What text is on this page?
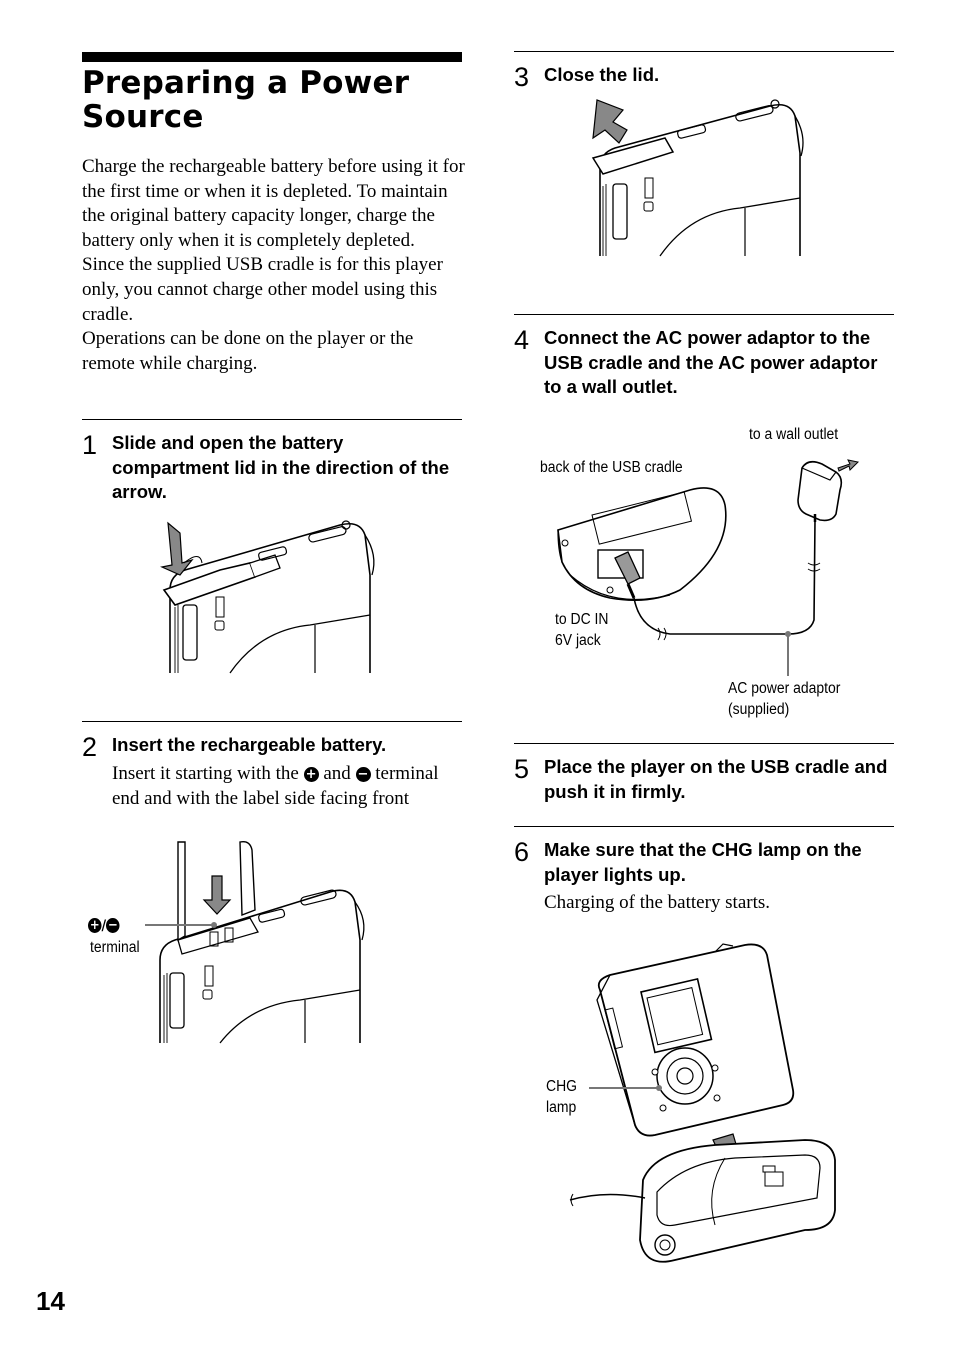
Preparing a Power Source

Charge the rechargeable battery before using it for the first time or when it is depleted. To maintain the original battery capacity longer, charge the battery only when it is completely depleted.

Since the supplied USB cradle is for this player only, you cannot charge other model using this cradle.

Operations can be done on the player or the remote while charging.

1 Slide and open the battery compartment lid in the direction of the arrow.
2 Insert the rechargeable battery.
Insert it starting with the + and − terminal end and with the label side facing front
+ / −
terminal
3 Close the lid.
4 Connect the AC power adaptor to the USB cradle and the AC power adaptor to a wall outlet.
to a wall outlet
back of the USB cradle
to DC IN
6V jack
AC power adaptor
(supplied)
5 Place the player on the USB cradle and push it in firmly.
6 Make sure that the CHG lamp on the player lights up.
Charging of the battery starts.
CHG
lamp
14
